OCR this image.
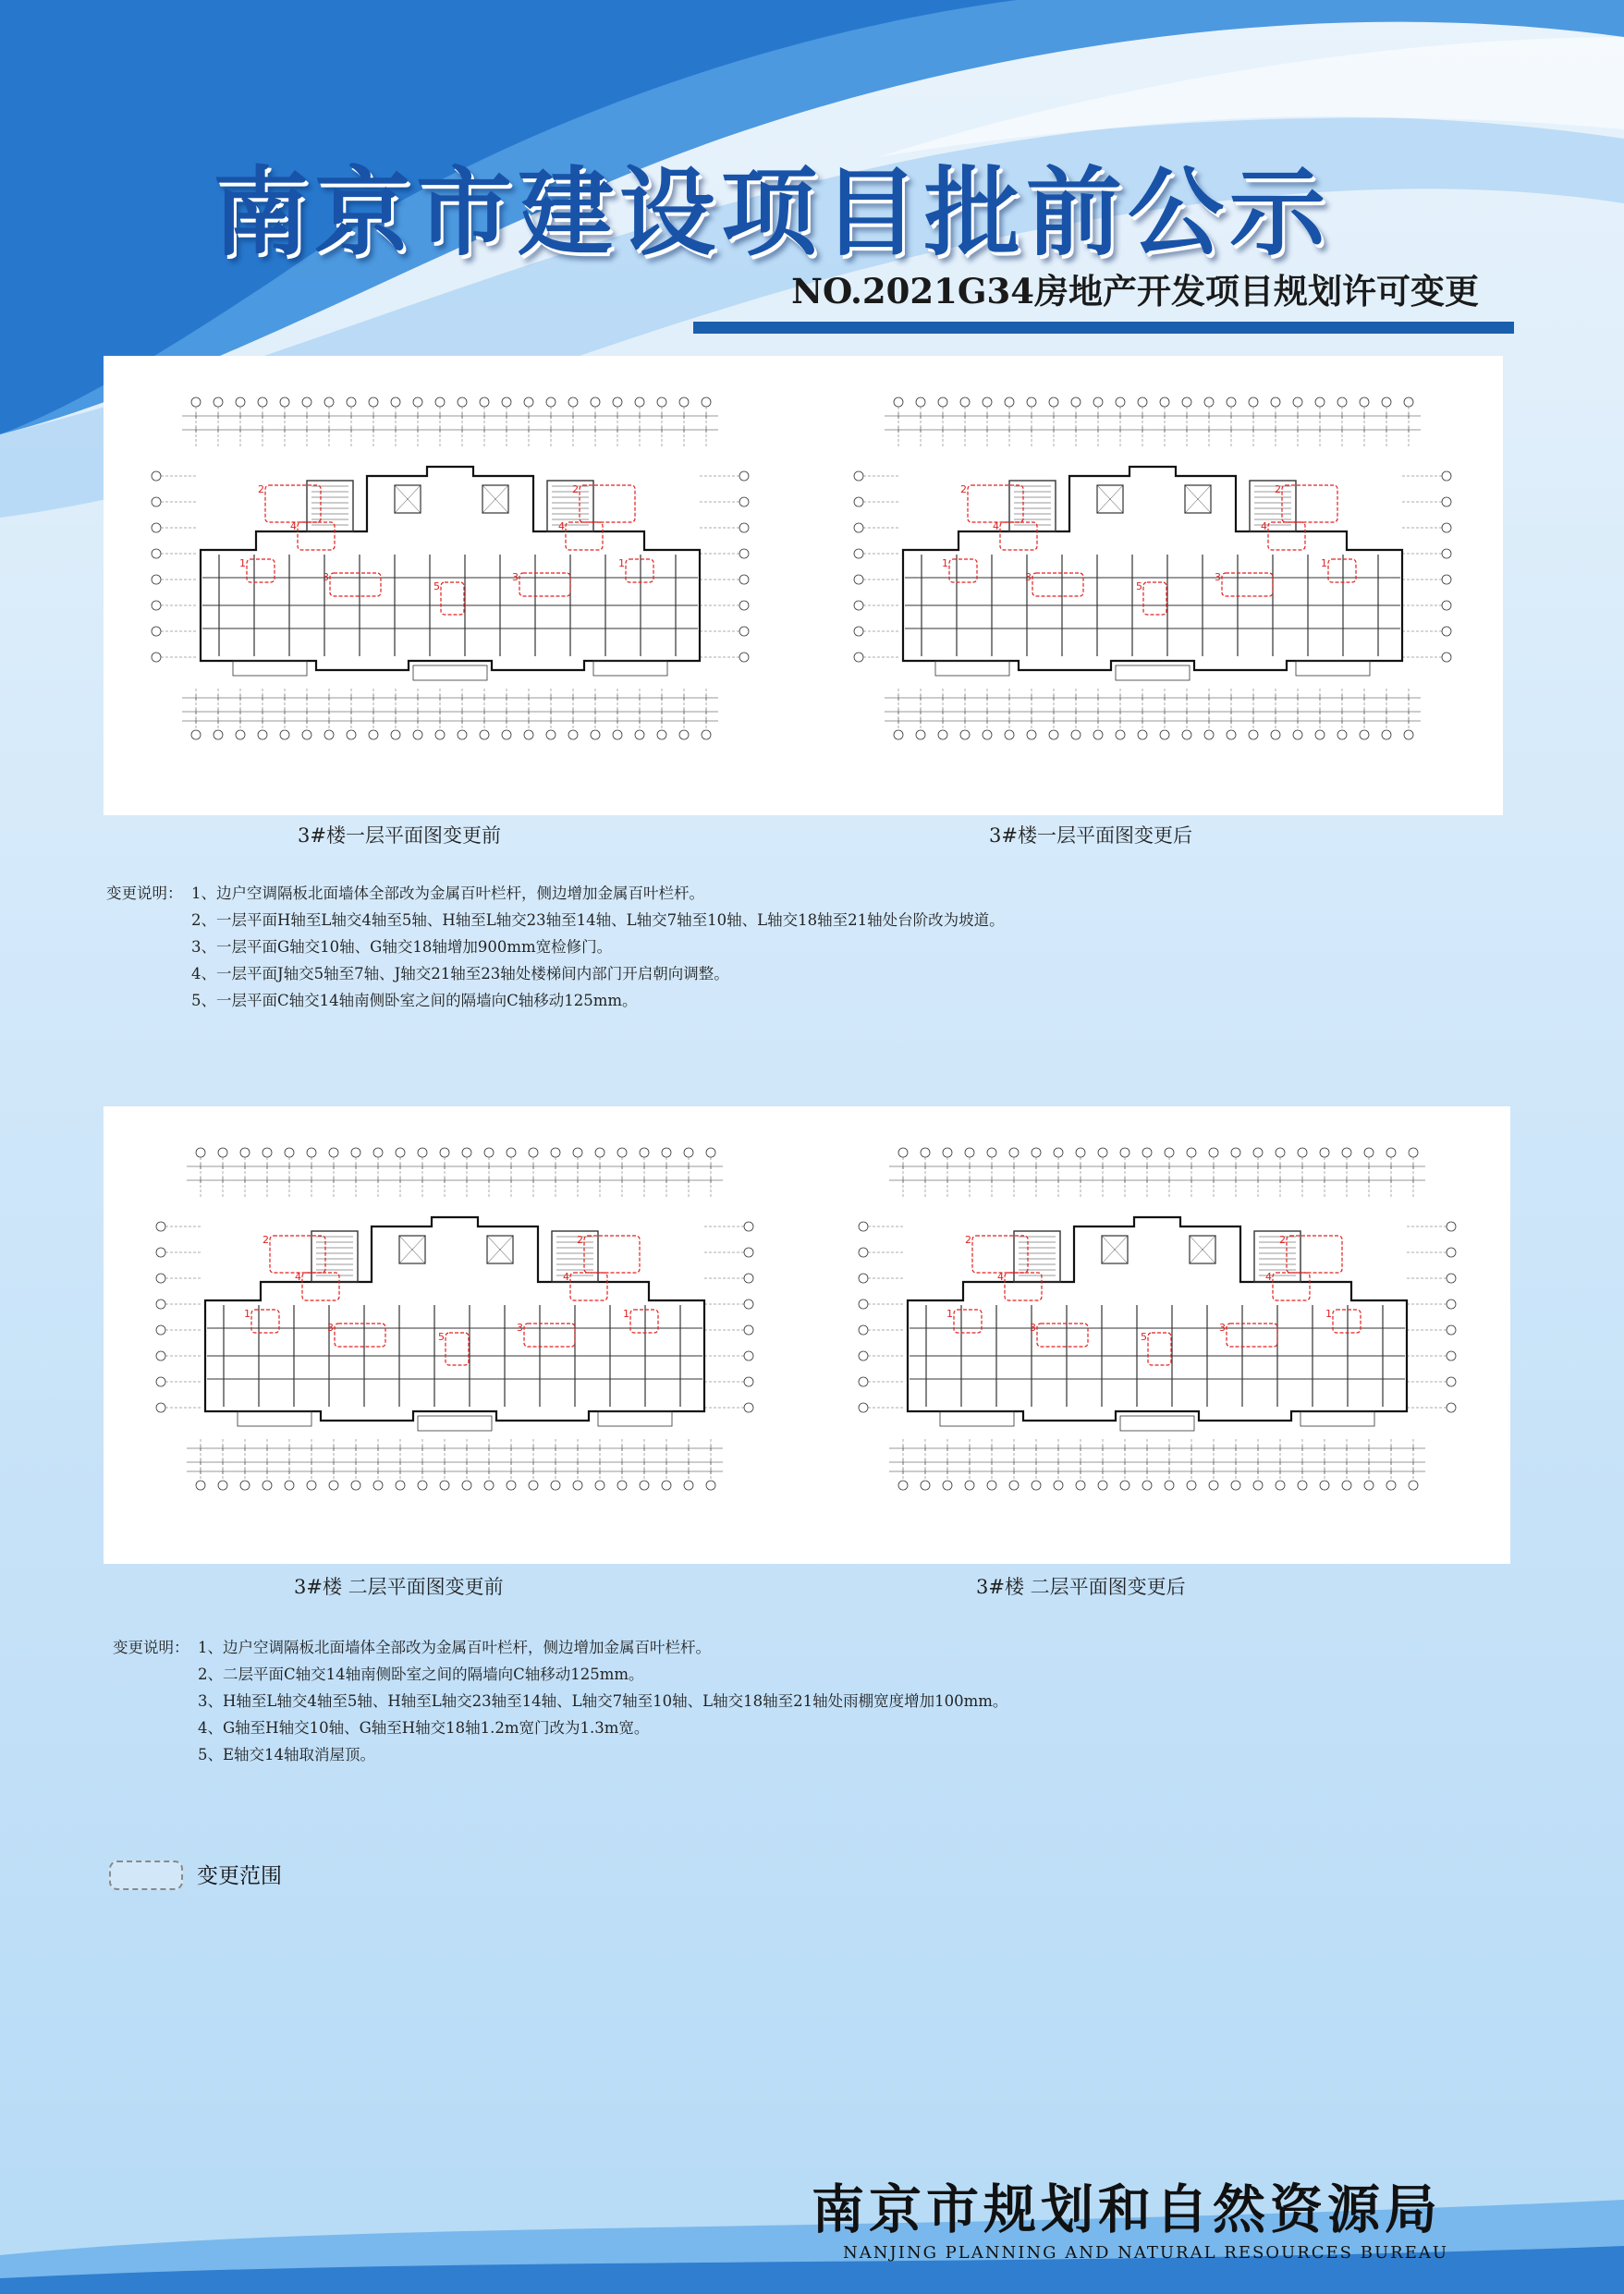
南京市建设项目批前公示
NO.2021G34房地产开发项目规划许可变更
2	2
4	4
1	1
3	3
5
2	2
4	4
1	1
3	3
5
3#楼一层平面图变更前	3#楼一层平面图变更后
变更说明： 1、边户空调隔板北面墙体全部改为金属百叶栏杆，侧边增加金属百叶栏杆。
2、一层平面H轴至L轴交4轴至5轴、H轴至L轴交23轴至14轴、L轴交7轴至10轴、L轴交18轴至21轴处台阶改为坡道。
3、一层平面G轴交10轴、G轴交18轴增加900mm宽检修门。
4、一层平面J轴交5轴至7轴、J轴交21轴至23轴处楼梯间内部门开启朝向调整。
5、一层平面C轴交14轴南侧卧室之间的隔墙向C轴移动125mm。
2	2
4	4
1	1
3	3
5
2	2
4	4
1	1
3	3
5
3#楼 二层平面图变更前	3#楼 二层平面图变更后
变更说明： 1、边户空调隔板北面墙体全部改为金属百叶栏杆，侧边增加金属百叶栏杆。
2、二层平面C轴交14轴南侧卧室之间的隔墙向C轴移动125mm。
3、H轴至L轴交4轴至5轴、H轴至L轴交23轴至14轴、L轴交7轴至10轴、L轴交18轴至21轴处雨棚宽度增加100mm。
4、G轴至H轴交10轴、G轴至H轴交18轴1.2m宽门改为1.3m宽。
5、E轴交14轴取消屋顶。
变更范围
南京市规划和自然资源局
NANJING PLANNING AND NATURAL RESOURCES BUREAU
